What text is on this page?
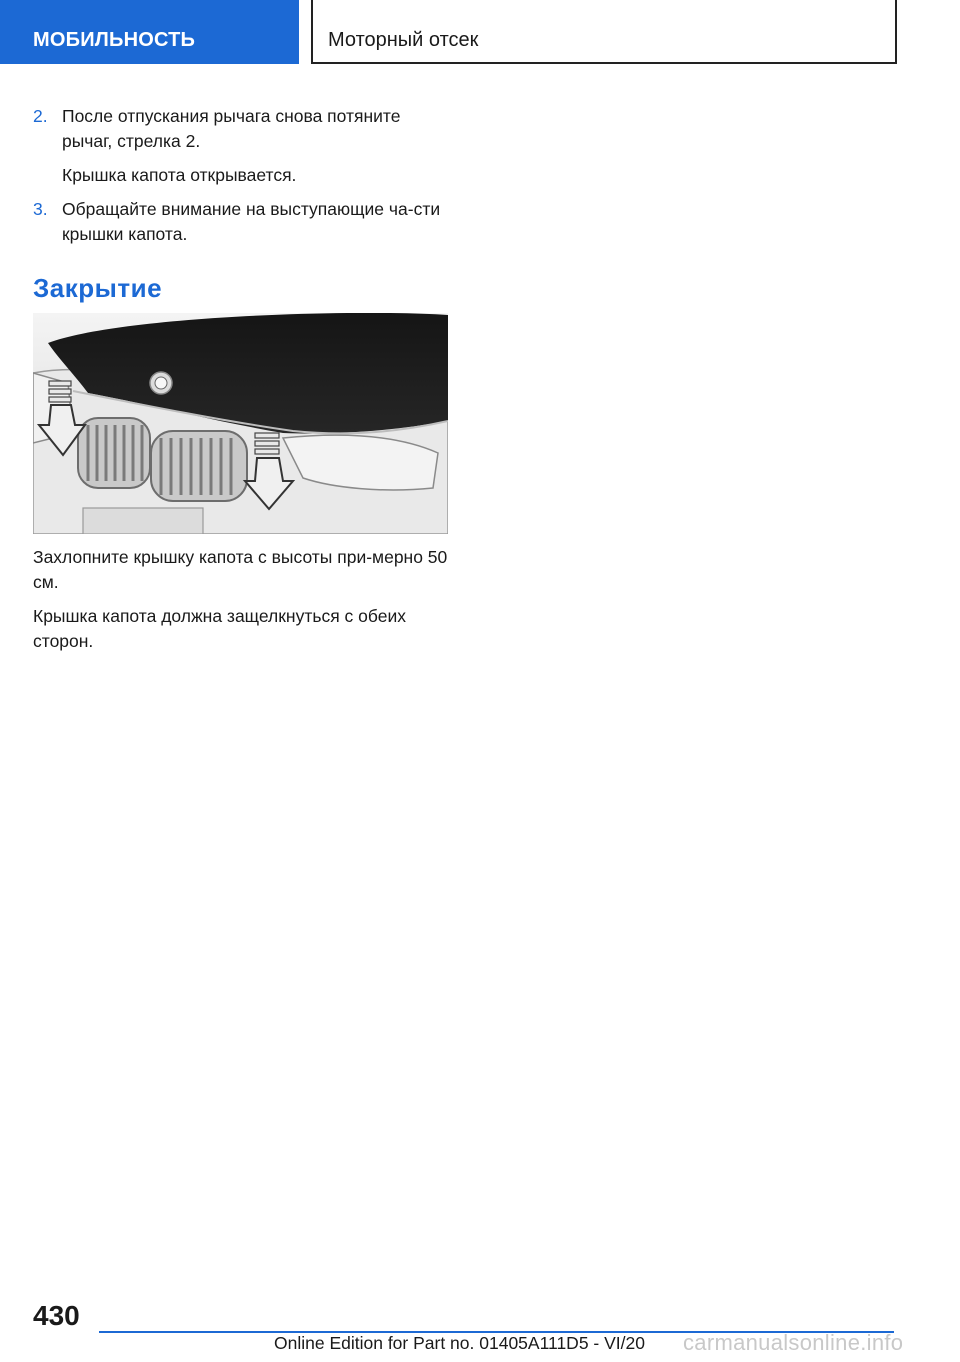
МОБИЛЬНОСТЬ	Моторный отсек
2. После отпускания рычага снова потяните рычаг, стрелка 2.
Крышка капота открывается.
3. Обращайте внимание на выступающие ча-сти крышки капота.
Закрытие

Захлопните крышку капота с высоты при-мерно 50 см.

Крышка капота должна защелкнуться с обеих сторон.

430
Online Edition for Part no. 01405A111D5 - VI/20 carmanualsonline.info
